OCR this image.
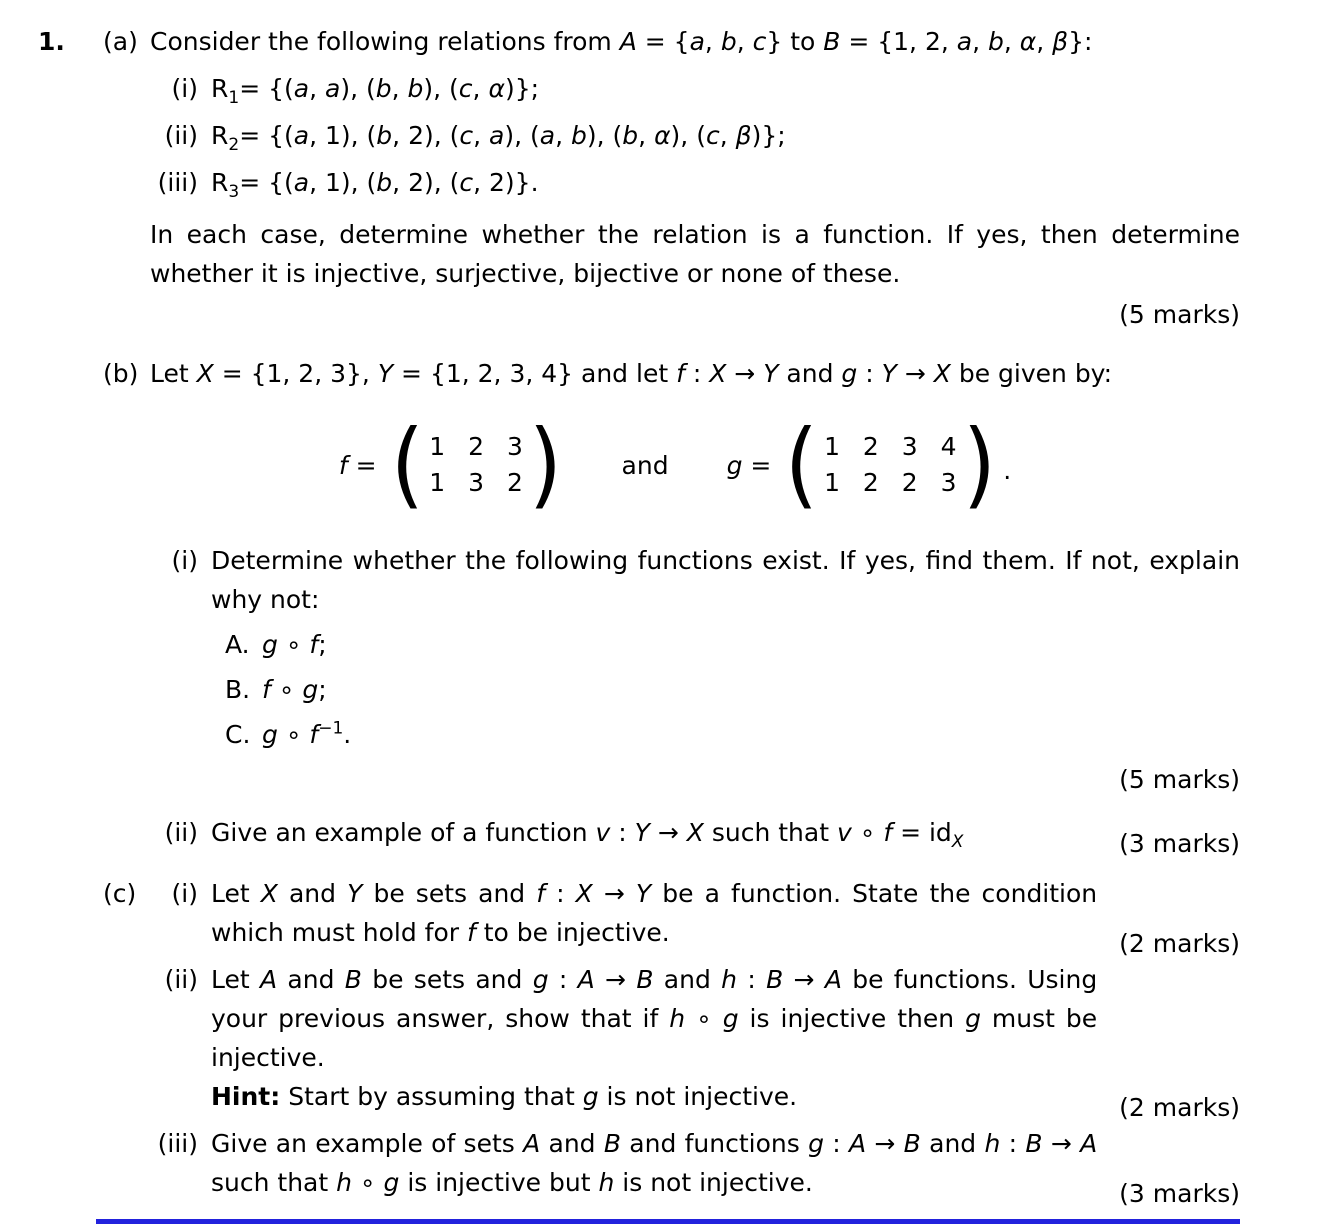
1.	(a) Consider the following relations from A = {a, b, c} to B = {1, 2, a, b, α, β}:
(i) $R_1= \{(a$, a), (b, b), (c, α)};
(ii) $R_2= \{(a$, 1), (b, 2), (c, a), (a, b), (b, α), (c, β)};
(iii) $R_3= \{(a$, 1), (b, 2), (c, 2)}.

In each case, determine whether the relation is a function. If yes, then determine whether it is injective, surjective, bijective or none of these.

(5 marks)
(b) Let X = {1, 2, 3}, Y = {1, 2, 3, 4} and let f : X → Y and g : Y → X be given by:
f = ( 1 2 3
1 3 2 ) and g = ( 1 2 3 4
1 2 2 3 ) .
(i) Determine whether the following functions exist. If yes, find them. If not, explain why not:
A. g ∘ f;
B. f ∘ g;
C. g ∘ $f^{-1}$.
(5 marks)
(ii) Give an example of a function v : Y → X such that v ∘ $f = id_X$	(3 marks)
(c)	(i) Let X and Y be sets and f : X → Y be a function. State the condition which must hold for f to be injective.	(2 marks)
(ii) Let A and B be sets and g : A → B and h : B → A be functions. Using your previous answer, show that if h ∘ g is injective then g must be injective.
Hint: Start by assuming that g is not injective.	(2 marks)
(iii) Give an example of sets A and B and functions g : A → B and h : B → A such that h ∘ g is injective but h is not injective.	(3 marks)
